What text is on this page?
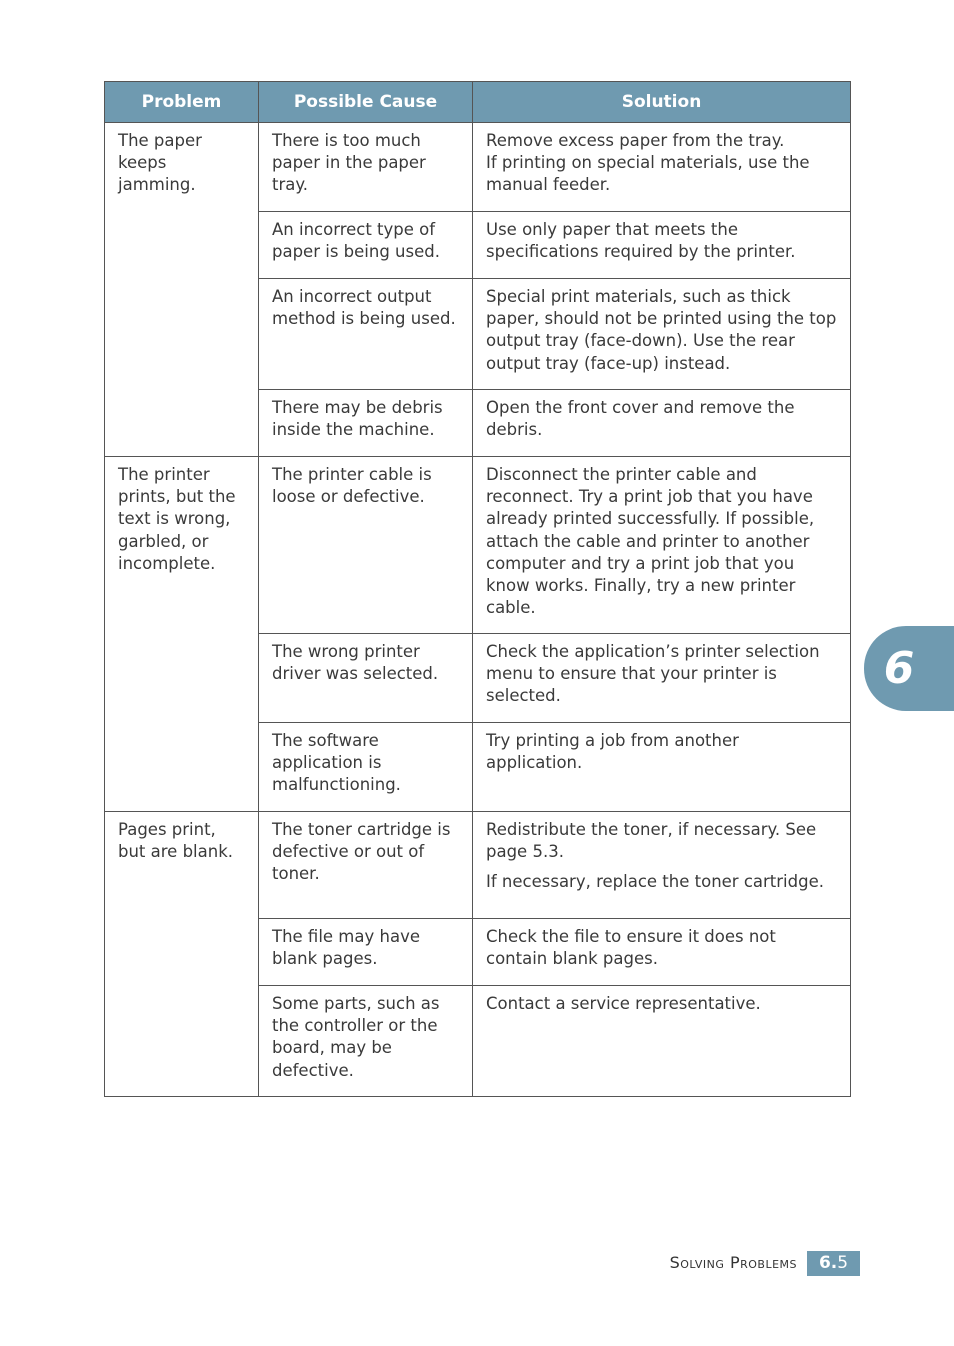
Problem	Possible Cause	Solution
The paper keeps jamming.	There is too much paper in the paper tray.	Remove excess paper from the tray.
If printing on special materials, use the manual feeder.

	An incorrect type of paper is being used.	Use only paper that meets the specifications required by the printer.

	An incorrect output method is being used.	Special print materials, such as thick paper, should not be printed using the top output tray (face-down). Use the rear output tray (face-up) instead.

	There may be debris inside the machine.	Open the front cover and remove the debris.

The printer prints, but the text is wrong, garbled, or incomplete.	The printer cable is loose or defective.	Disconnect the printer cable and reconnect. Try a print job that you have already printed successfully. If possible, attach the cable and printer to another computer and try a print job that you know works. Finally, try a new printer cable.

	The wrong printer driver was selected.	Check the application’s printer selection menu to ensure that your printer is selected.

	The software application is malfunctioning.	Try printing a job from another application.

Pages print, but are blank.	The toner cartridge is defective or out of toner.	Redistribute the toner, if necessary. See page 5.3.
If necessary, replace the toner cartridge.

	The file may have blank pages.	Check the file to ensure it does not contain blank pages.

	Some parts, such as the controller or the board, may be defective.	Contact a service representative.
6
Solving Problems	6.5
